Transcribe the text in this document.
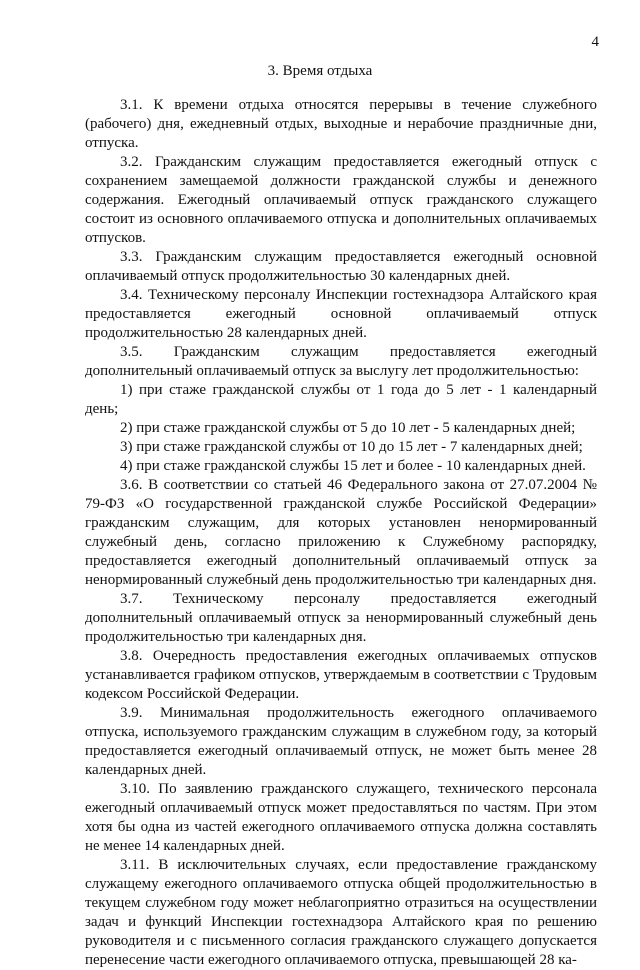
4
3. Время отдыха

3.1. К времени отдыха относятся перерывы в течение служебного (рабочего) дня, ежедневный отдых, выходные и нерабочие праздничные дни, отпуска.

3.2. Гражданским служащим предоставляется ежегодный отпуск с сохранением замещаемой должности гражданской службы и денежного содержания. Ежегодный оплачиваемый отпуск гражданского служащего состоит из основного оплачиваемого отпуска и дополнительных оплачиваемых отпусков.

3.3. Гражданским служащим предоставляется ежегодный основной оплачиваемый отпуск продолжительностью 30 календарных дней.

3.4. Техническому персоналу Инспекции гостехнадзора Алтайского края предоставляется ежегодный основной оплачиваемый отпуск продолжительностью 28 календарных дней.

3.5. Гражданским служащим предоставляется ежегодный дополнительный оплачиваемый отпуск за выслугу лет продолжительностью:

1) при стаже гражданской службы от 1 года до 5 лет - 1 календарный день;

2) при стаже гражданской службы от 5 до 10 лет - 5 календарных дней;

3) при стаже гражданской службы от 10 до 15 лет - 7 календарных дней;

4) при стаже гражданской службы 15 лет и более - 10 календарных дней.

3.6. В соответствии со статьей 46 Федерального закона от 27.07.2004 № 79-ФЗ «О государственной гражданской службе Российской Федерации» гражданским служащим, для которых установлен ненормированный служебный день, согласно приложению к Служебному распорядку, предоставляется ежегодный дополнительный оплачиваемый отпуск за ненормированный служебный день продолжительностью три календарных дня.

3.7. Техническому персоналу предоставляется ежегодный дополнительный оплачиваемый отпуск за ненормированный служебный день продолжительностью три календарных дня.

3.8. Очередность предоставления ежегодных оплачиваемых отпусков устанавливается графиком отпусков, утверждаемым в соответствии с Трудовым кодексом Российской Федерации.

3.9. Минимальная продолжительность ежегодного оплачиваемого отпуска, используемого гражданским служащим в служебном году, за который предоставляется ежегодный оплачиваемый отпуск, не может быть менее 28 календарных дней.

3.10. По заявлению гражданского служащего, технического персонала ежегодный оплачиваемый отпуск может предоставляться по частям. При этом хотя бы одна из частей ежегодного оплачиваемого отпуска должна составлять не менее 14 календарных дней.

3.11. В исключительных случаях, если предоставление гражданскому служащему ежегодного оплачиваемого отпуска общей продолжительностью в текущем служебном году может неблагоприятно отразиться на осуществлении задач и функций Инспекции гостехнадзора Алтайского края по решению руководителя и с письменного согласия гражданского служащего допускается перенесение части ежегодного оплачиваемого отпуска, превышающей 28 ка-
